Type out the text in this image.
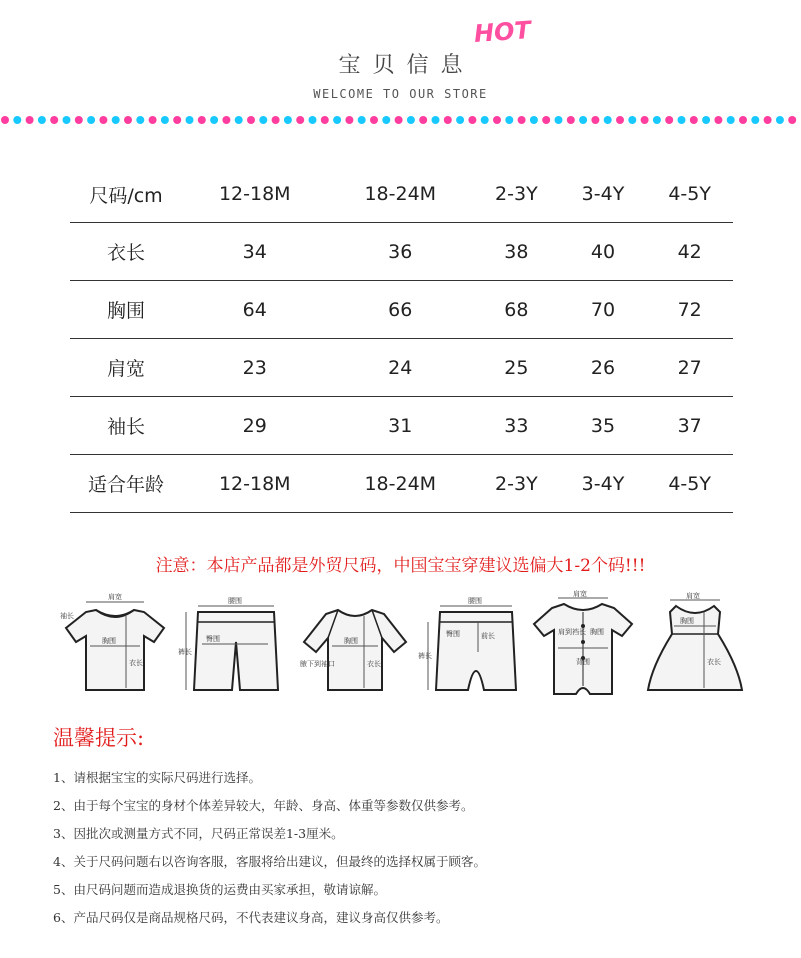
宝贝信息
HOT
WELCOME TO OUR STORE
尺码/cm	12-18M	18-24M	2-3Y	3-4Y	4-5Y
衣长	34	36	38	40	42
胸围	64	66	68	70	72
肩宽	23	24	25	26	27
袖长	29	31	33	35	37
适合年龄	12-18M	18-24M	2-3Y	3-4Y	4-5Y
注意：本店产品都是外贸尺码，中国宝宝穿建议选偏大1-2个码!!!
肩宽
袖长
胸围
衣长
腰围
裤长
臀围	胸围
腋下到袖口	衣长
腰围
臀围	前长
裤长
肩宽
肩到裆长 胸围
背围
肩宽
胸围
衣长
温馨提示:
1、请根据宝宝的实际尺码进行选择。
2、由于每个宝宝的身材个体差异较大，年龄、身高、体重等参数仅供参考。
3、因批次或测量方式不同，尺码正常误差1-3厘米。
4、关于尺码问题右以咨询客服，客服将给出建议，但最终的选择权属于顾客。
5、由尺码问题而造成退换货的运费由买家承担，敬请谅解。
6、产品尺码仅是商品规格尺码，不代表建议身高，建议身高仅供参考。
